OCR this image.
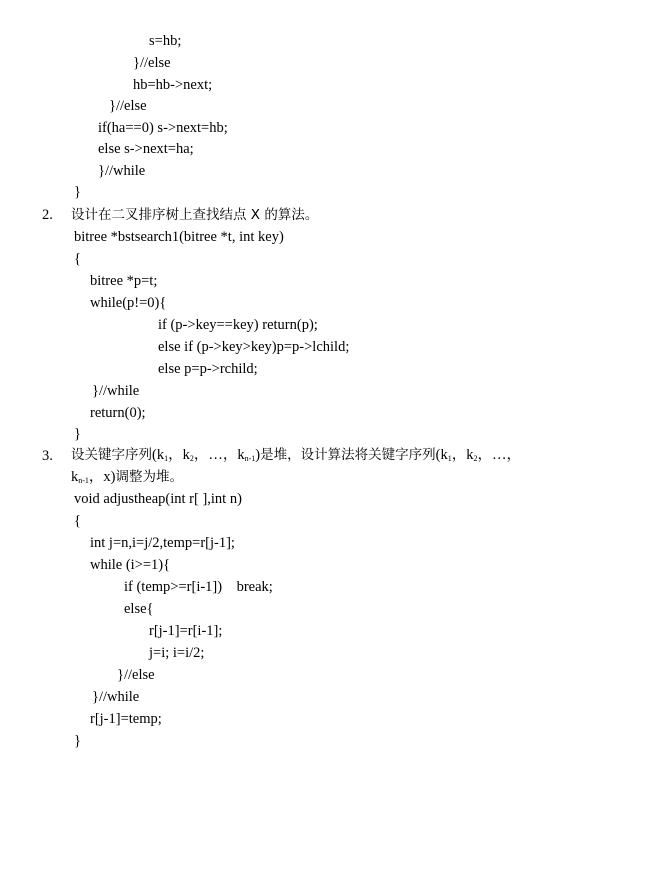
s=hb;
}//else
hb=hb->next;
}//else
if(ha==0) s->next=hb;
else s->next=ha;
}//while
}
2. 设计在二叉排序树上查找结点 X 的算法。
bitree *bstsearch1(bitree *t, int key)
{
bitree *p=t;
while(p!=0){
if (p->key==key) return(p);
else if (p->key>key)p=p->lchild;
else p=p->rchild;
}//while
return(0);
}
3. 设关键字序列($k_1$，$k_2$，…，$k_{n-1}$)是堆，设计算法将关键字序列($k_1$，$k_2$，…，
$k_{n-1}$，x)调整为堆。
void adjustheap(int r[ ],int n)
{
int j=n,i=j/2,temp=r[j-1];
while (i>=1){
if (temp>=r[i-1])    break;
else{
r[j-1]=r[i-1];
j=i; i=i/2;
}//else
}//while
r[j-1]=temp;
}
